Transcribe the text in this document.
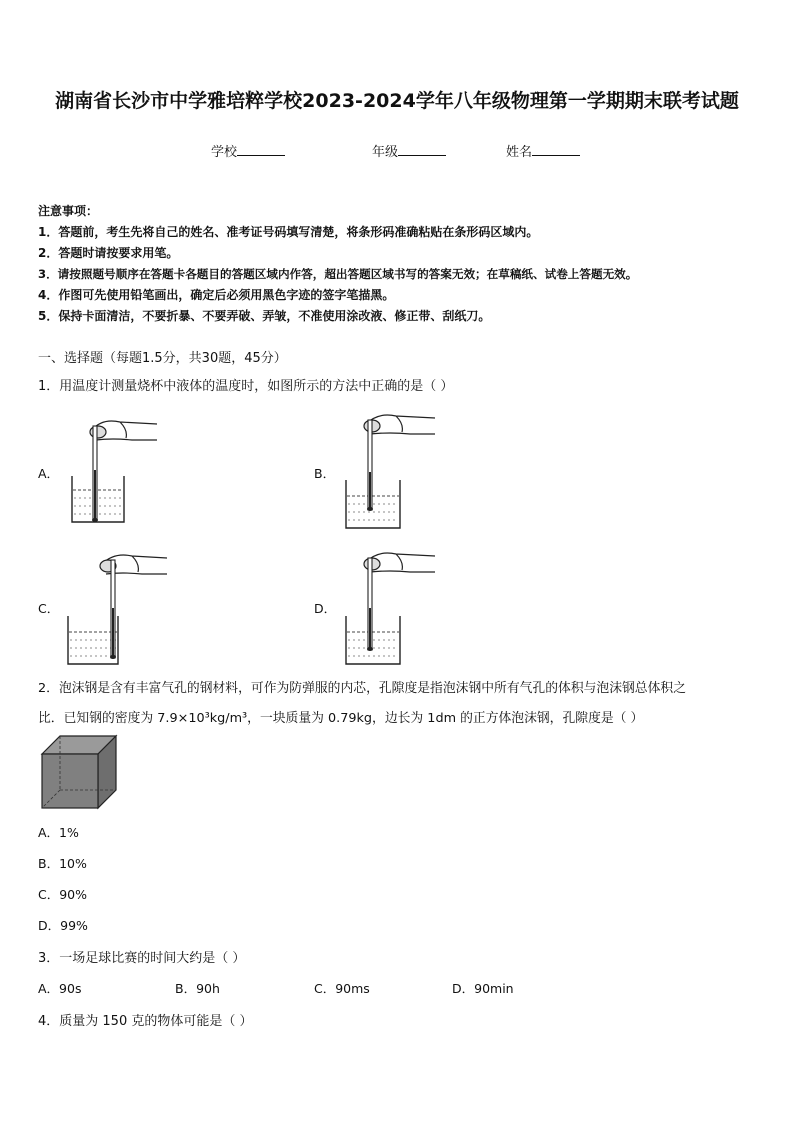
湖南省长沙市中学雅培粹学校2023-2024学年八年级物理第一学期期末联考试题
学校	年级	姓名
注意事项：
1．答题前，考生先将自己的姓名、准考证号码填写清楚，将条形码准确粘贴在条形码区域内。
2．答题时请按要求用笔。
3．请按照题号顺序在答题卡各题目的答题区域内作答，超出答题区域书写的答案无效；在草稿纸、试卷上答题无效。
4．作图可先使用铅笔画出，确定后必须用黑色字迹的签字笔描黑。
5．保持卡面清洁，不要折暴、不要弄破、弄皱，不准使用涂改液、修正带、刮纸刀。
一、选择题（每题1.5分，共30题，45分）
1．用温度计测量烧杯中液体的温度时，如图所示的方法中正确的是（ ）
A．	B．
C．	D．
2．泡沫钢是含有丰富气孔的钢材料，可作为防弹服的内芯，孔隙度是指泡沫钢中所有气孔的体积与泡沫钢总体积之
比．已知钢的密度为 7.9×10³kg/m³，一块质量为 0.79kg，边长为 1dm 的正方体泡沫钢，孔隙度是（ ）
A．1%
B．10%
C．90%
D．99%
3．一场足球比赛的时间大约是（ ）
A．90s	B．90h	C．90ms	D．90min
4．质量为 150 克的物体可能是（ ）
